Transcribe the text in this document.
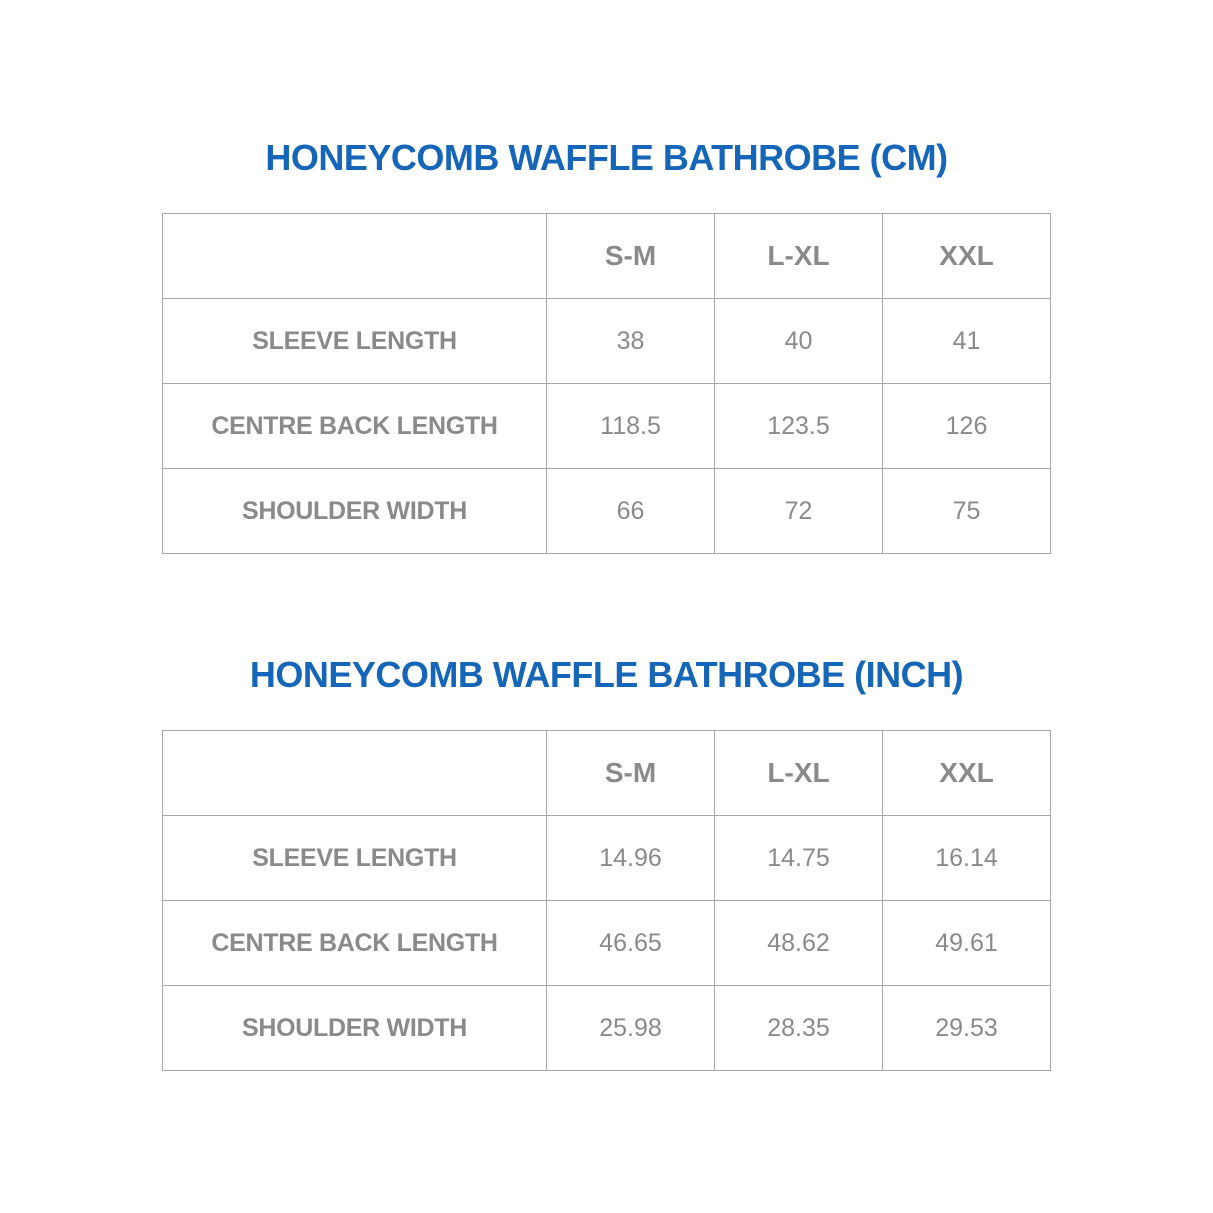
HONEYCOMB WAFFLE BATHROBE (CM)
	S-M	L-XL	XXL
SLEEVE LENGTH	38	40	41
CENTRE BACK LENGTH	118.5	123.5	126
SHOULDER WIDTH	66	72	75
HONEYCOMB WAFFLE BATHROBE (INCH)
	S-M	L-XL	XXL
SLEEVE LENGTH	14.96	14.75	16.14
CENTRE BACK LENGTH	46.65	48.62	49.61
SHOULDER WIDTH	25.98	28.35	29.53
